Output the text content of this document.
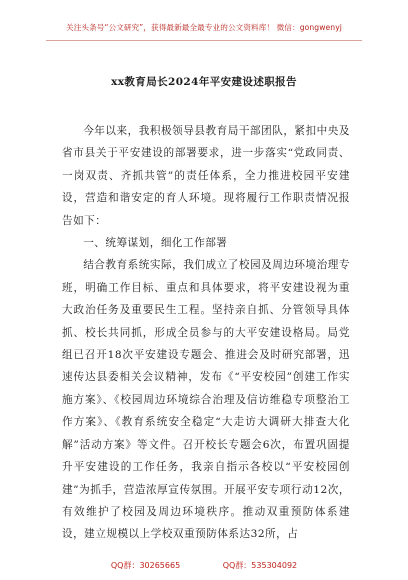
关注头条号“公文研究”，获得最新最全最专业的公文资料库！ 微信：gongwenyj
xx教育局长2024年平安建设述职报告

今年以来，我积极领导县教育局干部团队，紧扣中央及省市县关于平安建设的部署要求，进一步落实“党政同责、一岗双责、齐抓共管”的责任体系，全力推进校园平安建设，营造和谐安定的育人环境。现将履行工作职责情况报告如下：

一、统筹谋划，细化工作部署

结合教育系统实际，我们成立了校园及周边环境治理专班，明确工作目标、重点和具体要求，将平安建设视为重大政治任务及重要民生工程。坚持亲自抓、分管领导具体抓、校长共同抓，形成全员参与的大平安建设格局。局党组已召开18次平安建设专题会、推进会及时研究部署，迅速传达县委相关会议精神，发布《“平安校园”创建工作实施方案》、《校园周边环境综合治理及信访维稳专项整治工作方案》、《教育系统安全稳定“大走访大调研大排查大化解”活动方案》等文件。召开校长专题会6次，布置巩固提升平安建设的工作任务，我亲自指示各校以“平安校园创建”为抓手，营造浓厚宣传氛围。开展平安专项行动12次，有效维护了校园及周边环境秩序。推动双重预防体系建设，建立规模以上学校双重预防体系达32所，占

QQ群：30265665	QQ群：535304092
